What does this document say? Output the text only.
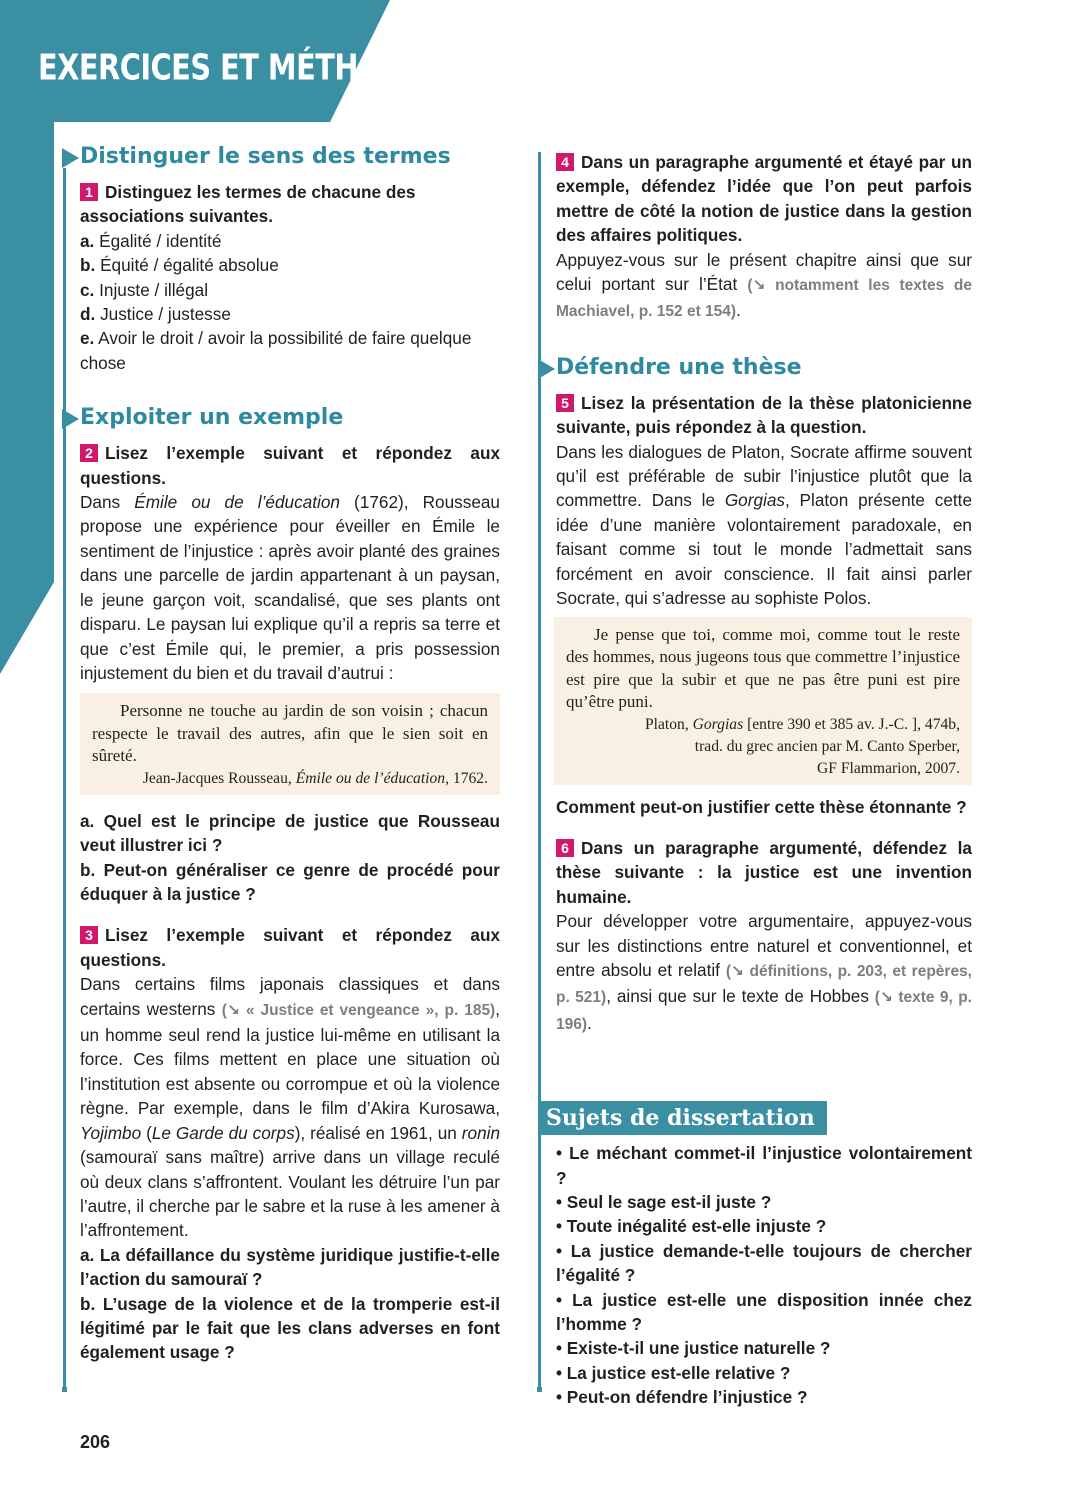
EXERCICES ET MÉTHODES
Distinguer le sens des termes

1 Distinguez les termes de chacune des associations suivantes.

a. Égalité / identité

b. Équité / égalité absolue

c. Injuste / illégal

d. Justice / justesse

e. Avoir le droit / avoir la possibilité de faire quelque chose

Exploiter un exemple

2 Lisez l’exemple suivant et répondez aux questions.

Dans Émile ou de l’éducation (1762), Rousseau propose une expérience pour éveiller en Émile le sentiment de l’injustice : après avoir planté des graines dans une parcelle de jardin appartenant à un paysan, le jeune garçon voit, scandalisé, que ses plants ont disparu. Le paysan lui explique qu’il a repris sa terre et que c’est Émile qui, le premier, a pris possession injustement du bien et du travail d’autrui :

Personne ne touche au jardin de son voisin ; chacun respecte le travail des autres, afin que le sien soit en sûreté.

Jean-Jacques Rousseau, Émile ou de l’éducation, 1762.

a. Quel est le principe de justice que Rousseau veut illustrer ici ?

b. Peut-on généraliser ce genre de procédé pour éduquer à la justice ?

3 Lisez l’exemple suivant et répondez aux questions.

Dans certains films japonais classiques et dans certains westerns (↘ « Justice et vengeance », p. 185), un homme seul rend la justice lui-même en utilisant la force. Ces films mettent en place une situation où l’institution est absente ou corrompue et où la violence règne. Par exemple, dans le film d’Akira Kurosawa, Yojimbo (Le Garde du corps), réalisé en 1961, un ronin (samouraï sans maître) arrive dans un village reculé où deux clans s’affrontent. Voulant les détruire l’un par l’autre, il cherche par le sabre et la ruse à les amener à l’affrontement.

a. La défaillance du système juridique justifie-t-elle l’action du samouraï ?

b. L’usage de la violence et de la tromperie est-il légitimé par le fait que les clans adverses en font également usage ?

4 Dans un paragraphe argumenté et étayé par un exemple, défendez l’idée que l’on peut parfois mettre de côté la notion de justice dans la gestion des affaires politiques.

Appuyez-vous sur le présent chapitre ainsi que sur celui portant sur l’État (↘ notamment les textes de Machiavel, p. 152 et 154).

Défendre une thèse

5 Lisez la présentation de la thèse platonicienne suivante, puis répondez à la question.

Dans les dialogues de Platon, Socrate affirme souvent qu’il est préférable de subir l’injustice plutôt que la commettre. Dans le Gorgias, Platon présente cette idée d’une manière volontairement paradoxale, en faisant comme si tout le monde l’admettait sans forcément en avoir conscience. Il fait ainsi parler Socrate, qui s’adresse au sophiste Polos.

Je pense que toi, comme moi, comme tout le reste des hommes, nous jugeons tous que commettre l’injustice est pire que la subir et que ne pas être puni est pire qu’être puni.

Platon, Gorgias [entre 390 et 385 av. J.-C. ], 474b,

trad. du grec ancien par M. Canto Sperber,

GF Flammarion, 2007.

Comment peut-on justifier cette thèse étonnante ?

6 Dans un paragraphe argumenté, défendez la thèse suivante : la justice est une invention humaine.

Pour développer votre argumentaire, appuyez-vous sur les distinctions entre naturel et conventionnel, et entre absolu et relatif (↘ définitions, p. 203, et repères, p. 521), ainsi que sur le texte de Hobbes (↘ texte 9, p. 196).

Sujets de dissertation
• Le méchant commet-il l’injustice volontairement ?
• Seul le sage est-il juste ?
• Toute inégalité est-elle injuste ?
• La justice demande-t-elle toujours de chercher l’égalité ?
• La justice est-elle une disposition innée chez l’homme ?
• Existe-t-il une justice naturelle ?
• La justice est-elle relative ?
• Peut-on défendre l’injustice ?

206
